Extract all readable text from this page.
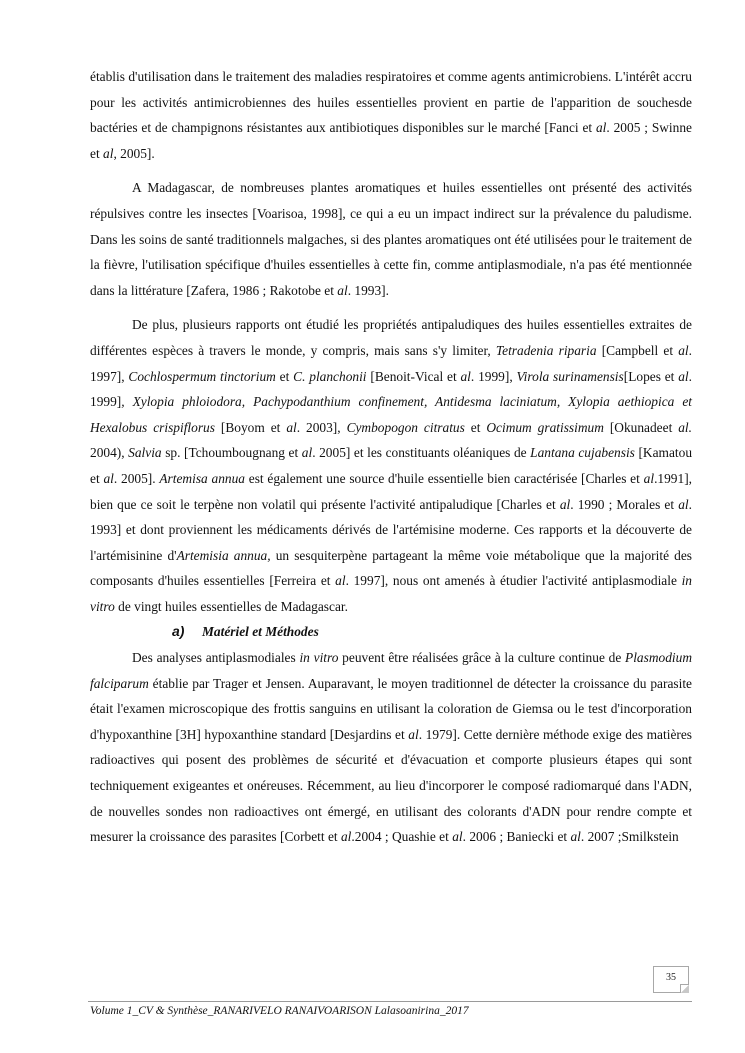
établis d'utilisation dans le traitement des maladies respiratoires et comme agents antimicrobiens. L'intérêt accru pour les activités antimicrobiennes des huiles essentielles provient en partie de l'apparition de souchesde bactéries et de champignons résistantes aux antibiotiques disponibles sur le marché [Fanci et al. 2005 ; Swinne et al, 2005].

A Madagascar, de nombreuses plantes aromatiques et huiles essentielles ont présenté des activités répulsives contre les insectes [Voarisoa, 1998], ce qui a eu un impact indirect sur la prévalence du paludisme. Dans les soins de santé traditionnels malgaches, si des plantes aromatiques ont été utilisées pour le traitement de la fièvre, l'utilisation spécifique d'huiles essentielles à cette fin, comme antiplasmodiale, n'a pas été mentionnée dans la littérature [Zafera, 1986 ; Rakotobe et al. 1993].

De plus, plusieurs rapports ont étudié les propriétés antipaludiques des huiles essentielles extraites de différentes espèces à travers le monde, y compris, mais sans s'y limiter, Tetradenia riparia [Campbell et al. 1997], Cochlospermum tinctorium et C. planchonii [Benoit-Vical et al. 1999], Virola surinamensis[Lopes et al. 1999], Xylopia phloiodora, Pachypodanthium confinement, Antidesma laciniatum, Xylopia aethiopica et Hexalobus crispiflorus [Boyom et al. 2003], Cymbopogon citratus et Ocimum gratissimum [Okunadeet al. 2004), Salvia sp. [Tchoumbougnang et al. 2005] et les constituants oléaniques de Lantana cujabensis [Kamatou et al. 2005]. Artemisa annua est également une source d'huile essentielle bien caractérisée [Charles et al.1991], bien que ce soit le terpène non volatil qui présente l'activité antipaludique [Charles et al. 1990 ; Morales et al. 1993] et dont proviennent les médicaments dérivés de l'artémisine moderne. Ces rapports et la découverte de l'artémisinine d'Artemisia annua, un sesquiterpène partageant la même voie métabolique que la majorité des composants d'huiles essentielles [Ferreira et al. 1997], nous ont amenés à étudier l'activité antiplasmodiale in vitro de vingt huiles essentielles de Madagascar.

a) Matériel et Méthodes

Des analyses antiplasmodiales in vitro peuvent être réalisées grâce à la culture continue de Plasmodium falciparum établie par Trager et Jensen. Auparavant, le moyen traditionnel de détecter la croissance du parasite était l'examen microscopique des frottis sanguins en utilisant la coloration de Giemsa ou le test d'incorporation d'hypoxanthine [3H] hypoxanthine standard [Desjardins et al. 1979]. Cette dernière méthode exige des matières radioactives qui posent des problèmes de sécurité et d'évacuation et comporte plusieurs étapes qui sont techniquement exigeantes et onéreuses. Récemment, au lieu d'incorporer le composé radiomarqué dans l'ADN, de nouvelles sondes non radioactives ont émergé, en utilisant des colorants d'ADN pour rendre compte et mesurer la croissance des parasites [Corbett et al.2004 ; Quashie et al. 2006 ; Baniecki et al. 2007 ;Smilkstein

35
Volume 1_CV & Synthèse_RANARIVELO RANAIVOARISON Lalasoanirina_2017
